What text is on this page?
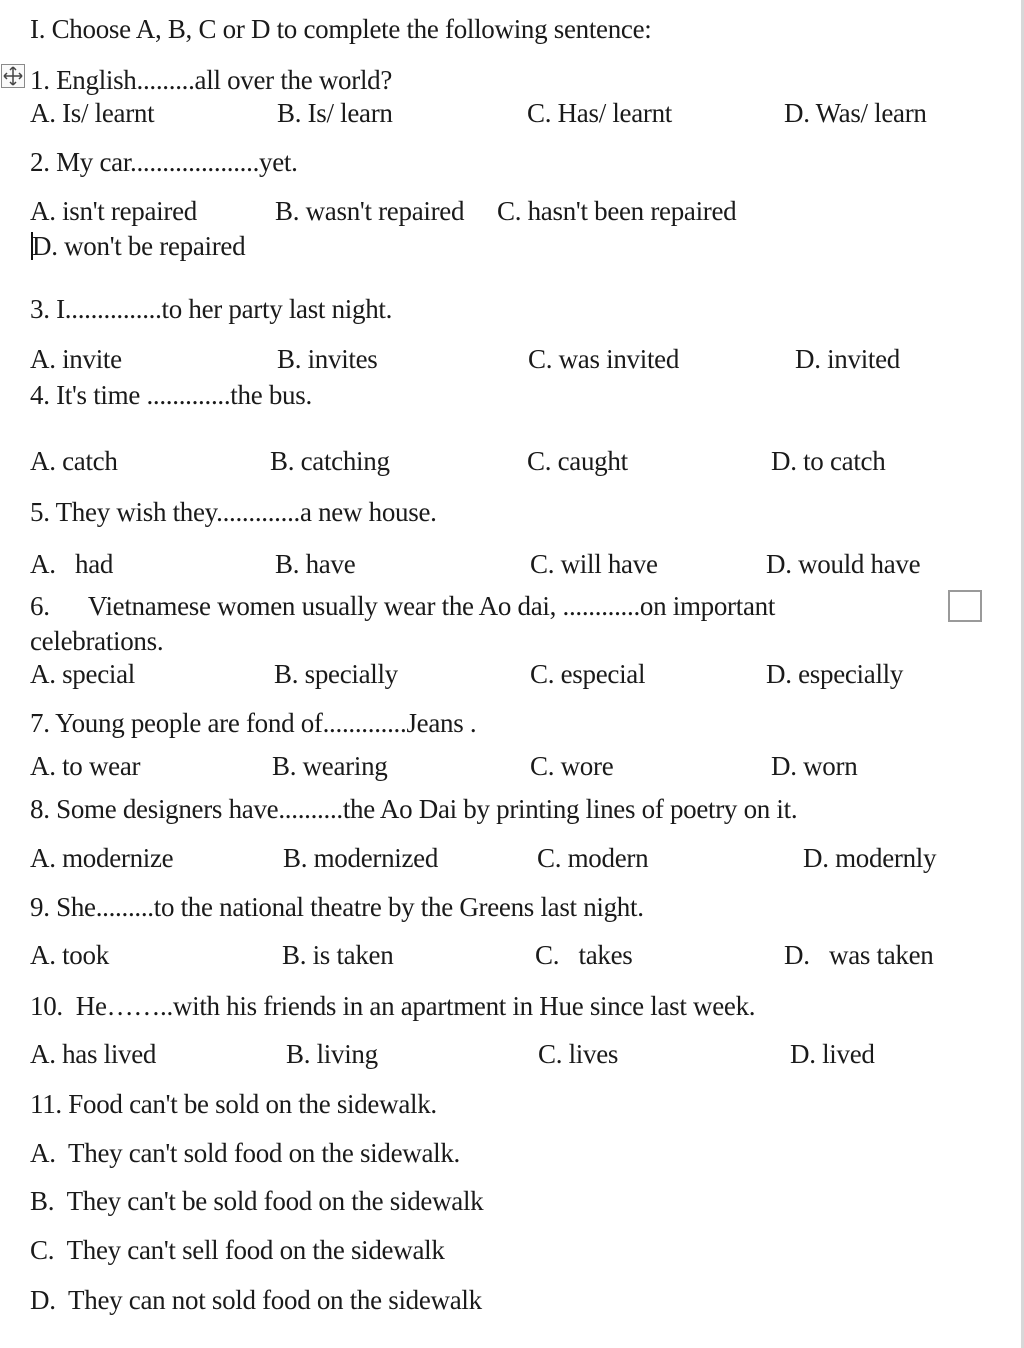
I. Choose A, B, C or D to complete the following sentence:
1. English.........all over the world?
A. Is/ learnt	B. Is/ learn	C. Has/ learnt	D. Was/ learn
2. My car....................yet.
A. isn't repaired	B. wasn't repaired C. hasn't been repaired
D. won't be repaired
3. I...............to her party last night.
A. invite	B. invites	C. was invited	D. invited
4. It's time .............the bus.
A. catch	B. catching	C. caught	D. to catch
5. They wish they.............a new house.
A.   had	B. have	C. will have	D. would have
6.      Vietnamese women usually wear the Ao dai, ............on important
celebrations.
A. special	B. specially	C. especial	D. especially
7. Young people are fond of.............Jeans .
A. to wear	B. wearing	C. wore	D. worn
8. Some designers have..........the Ao Dai by printing lines of poetry on it.
A. modernize	B. modernized	C. modern	D. modernly
9. She.........to the national theatre by the Greens last night.
A. took	B. is taken	C.   takes	D.   was taken
10.  He……..with his friends in an apartment in Hue since last week.
A. has lived	B. living	C. lives	D. lived
11. Food can't be sold on the sidewalk.
A.  They can't sold food on the sidewalk.
B.  They can't be sold food on the sidewalk
C.  They can't sell food on the sidewalk
D.  They can not sold food on the sidewalk
